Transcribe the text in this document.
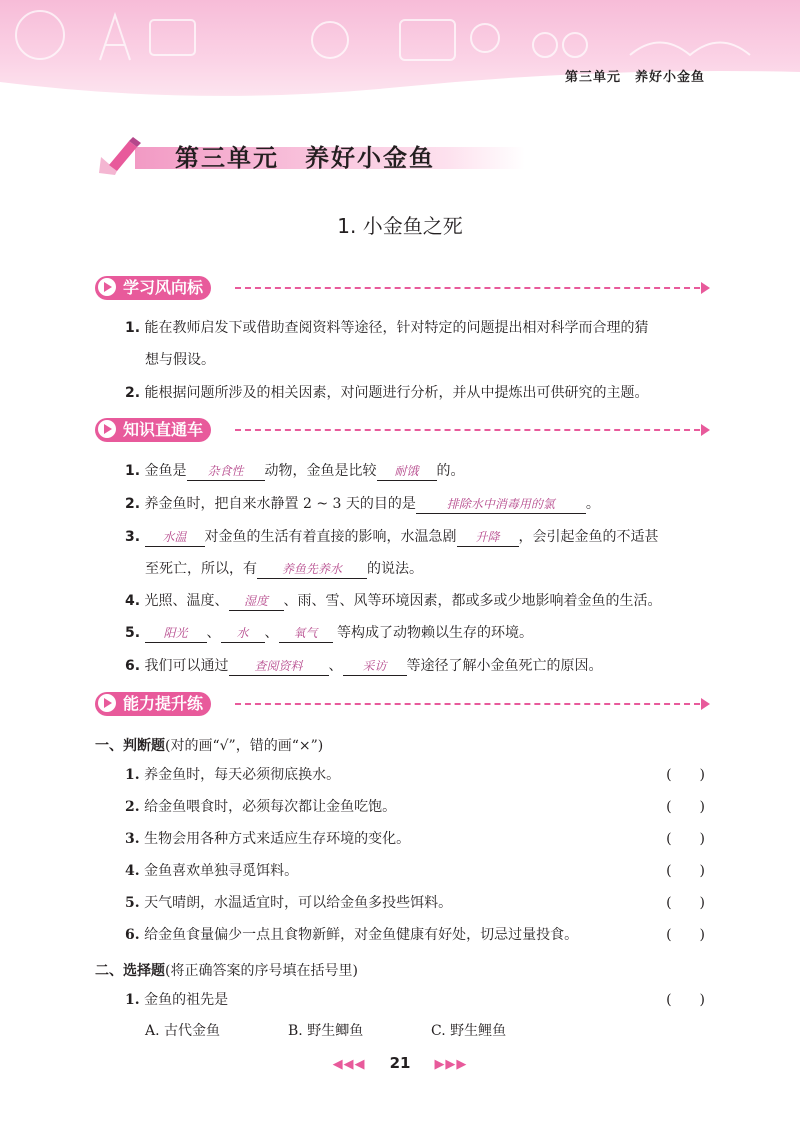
第三单元 养好小金鱼
第三单元　养好小金鱼
1. 小金鱼之死
学习风向标
1. 能在教师启发下或借助查阅资料等途径，针对特定的问题提出相对科学而合理的猜
想与假设。
2. 能根据问题所涉及的相关因素，对问题进行分析，并从中提炼出可供研究的主题。
知识直通车
1. 金鱼是 杂食性 动物，金鱼是比较 耐饿 的。
2. 养金鱼时，把自来水静置 2 ~ 3 天的目的是	排除水中消毒用的氯 。
3. 水温 对金鱼的生活有着直接的影响，水温急剧 升降 ，会引起金鱼的不适甚
至死亡，所以，有 养鱼先养水 的说法。
4. 光照、温度、 湿度 、雨、雪、风等环境因素，都或多或少地影响着金鱼的生活。
5. 阳光 、 水 、 氧气 等构成了动物赖以生存的环境。
6. 我们可以通过 查阅资料 、 采访 等途径了解小金鱼死亡的原因。
能力提升练
一、判断题(对的画“√”，错的画“×”)
1. 养金鱼时，每天必须彻底换水。	(　　)
2. 给金鱼喂食时，必须每次都让金鱼吃饱。	(　　)
3. 生物会用各种方式来适应生存环境的变化。	(　　)
4. 金鱼喜欢单独寻觅饵料。	(　　)
5. 天气晴朗，水温适宜时，可以给金鱼多投些饵料。	(　　)
6. 给金鱼食量偏少一点且食物新鲜，对金鱼健康有好处，切忌过量投食。	(　　)
二、选择题(将正确答案的序号填在括号里)
1. 金鱼的祖先是	(　　)
A. 古代金鱼	B. 野生鲫鱼	C. 野生鲤鱼
◀◀◀ 21 ▶▶▶
